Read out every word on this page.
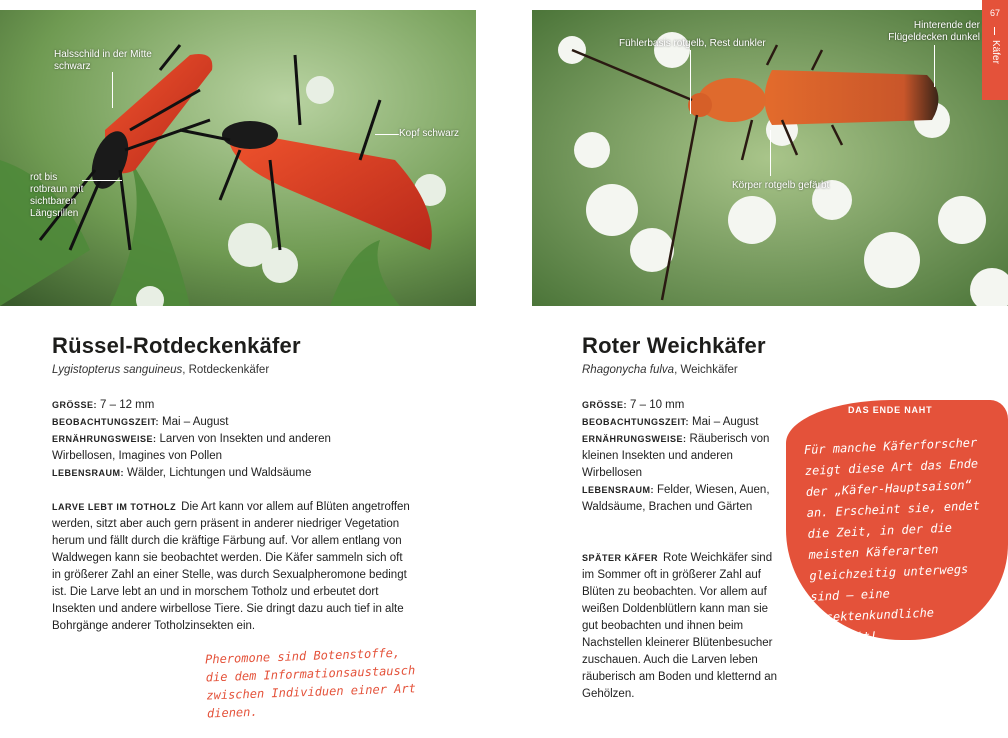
Halsschild in der Mitte schwarz
Kopf schwarz
rot bis rotbraun mit sichtbaren Längsrillen
Fühlerbasis rotgelb, Rest dunkler
Hinterende der Flügeldecken dunkel
Körper rotgelb gefärbt
67
Käfer
Rüssel-Rotdeckenkäfer
Lygistopterus sanguineus, Rotdeckenkäfer
GRÖSSE: 7 – 12 mm
BEOBACHTUNGSZEIT: Mai – August
ERNÄHRUNGSWEISE: Larven von Insekten und anderen Wirbellosen, Imagines von Pollen
LEBENSRAUM: Wälder, Lichtungen und Waldsäume
LARVE LEBT IM TOTHOLZ Die Art kann vor allem auf Blüten angetroffen werden, sitzt aber auch gern präsent in anderer niedriger Vegetation herum und fällt durch die kräftige Färbung auf. Vor allem entlang von Waldwegen kann sie beobachtet werden. Die Käfer sammeln sich oft in größerer Zahl an einer Stelle, was durch Sexualpheromone bedingt ist. Die Larve lebt an und in morschem Totholz und erbeutet dort Insekten und andere wirbellose Tiere. Sie dringt dazu auch tief in alte Bohrgänge anderer Totholzinsekten ein.
Pheromone sind Botenstoffe,
die dem Informationsaustausch
zwischen Individuen einer Art dienen.
Roter Weichkäfer
Rhagonycha fulva, Weichkäfer
GRÖSSE: 7 – 10 mm
BEOBACHTUNGSZEIT: Mai – August
ERNÄHRUNGSWEISE: Räuberisch von kleinen Insekten und anderen Wirbellosen
LEBENSRAUM: Felder, Wiesen, Auen, Waldsäume, Brachen und Gärten
SPÄTER KÄFER Rote Weichkäfer sind im Sommer oft in größerer Zahl auf Blüten zu beobachten. Vor allem auf weißen Doldenblütlern kann man sie gut beobachten und ihnen beim Nachstellen kleinerer Blütenbesucher zuschauen. Auch die Larven leben räuberisch am Boden und kletternd an Gehölzen.
DAS ENDE NAHT
Für manche Käferforscher zeigt diese Art das Ende der „Käfer-Hauptsaison“ an. Erscheint sie, endet die Zeit, in der die meisten Käferarten gleichzeitig unterwegs sind – eine insektenkundliche Weisheit!
